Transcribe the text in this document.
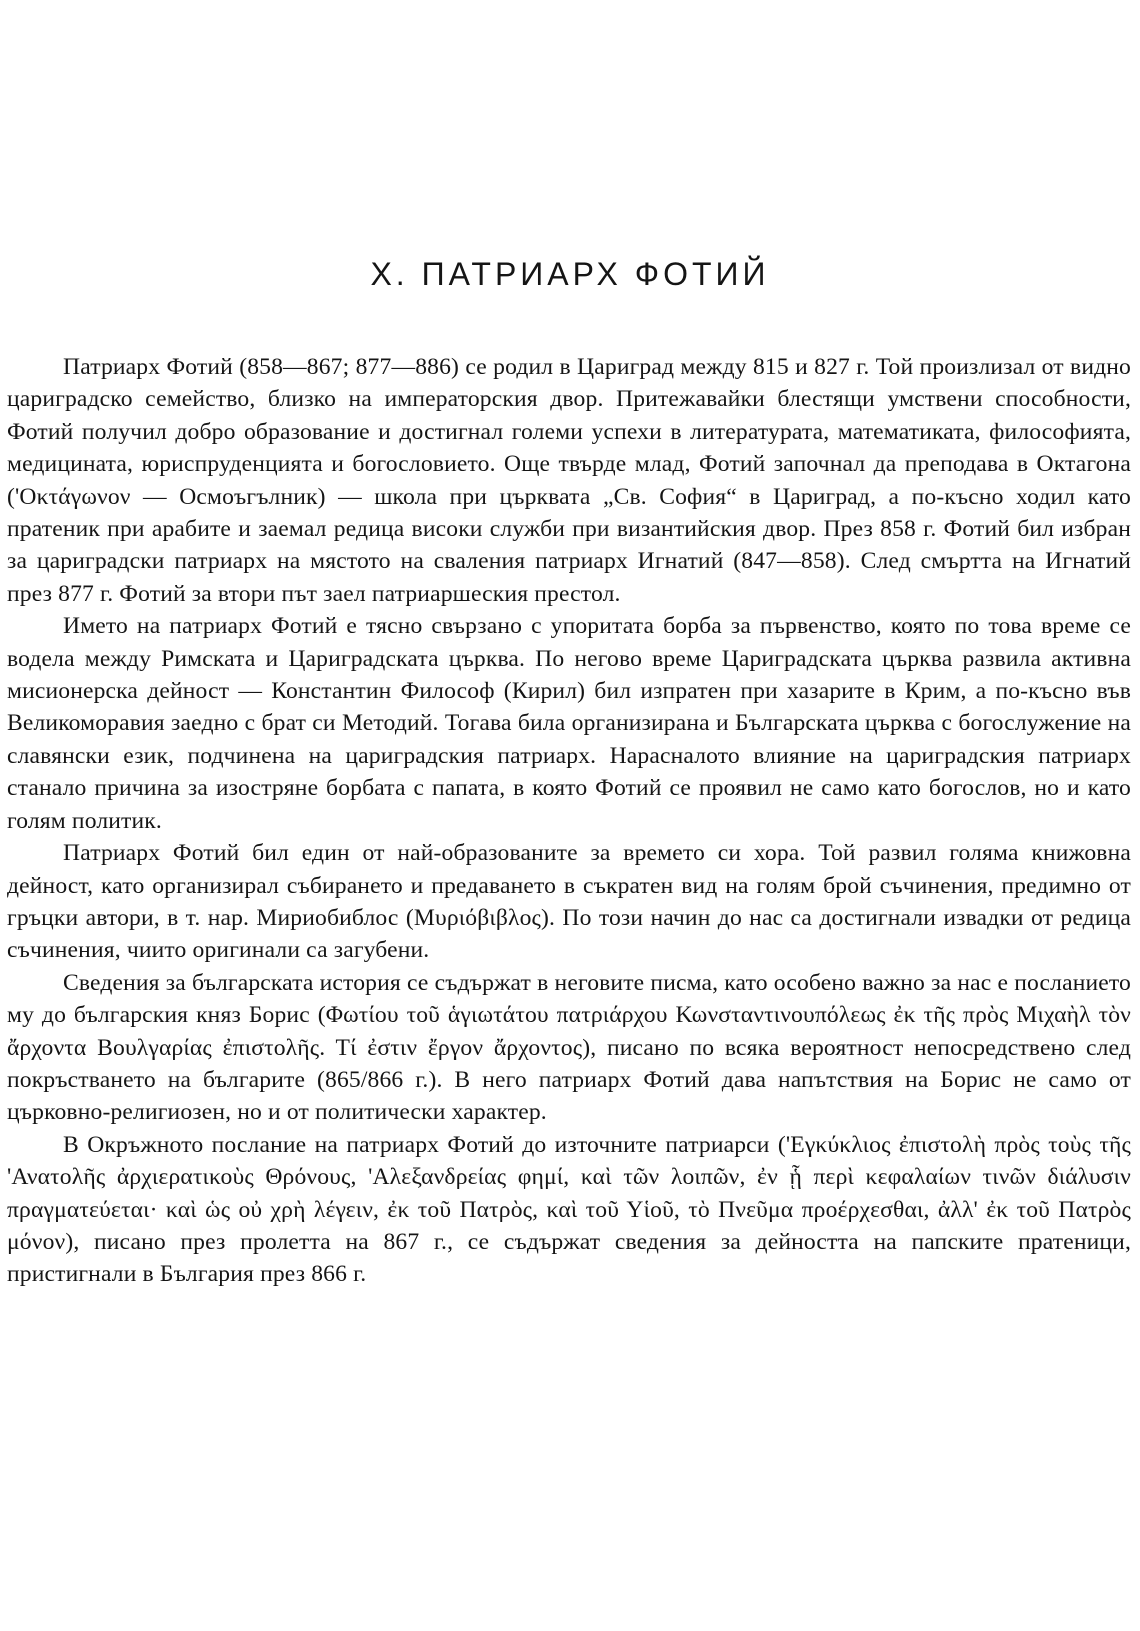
X. ПАТРИАРХ ФОТИЙ

Патриарх Фотий (858—867; 877—886) се родил в Цариград между 815 и 827 г. Той произлизал от видно цариградско семейство, близко на императорския двор. Притежавайки блестящи умствени способности, Фотий получил добро образование и достигнал големи успехи в литературата, математиката, философията, медицината, юриспруденцията и богословието. Още твърде млад, Фотий започнал да преподава в Октагона ('Οκτάγωνον — Осмоъгълник) — школа при църквата „Св. София“ в Цариград, а по-късно ходил като пратеник при арабите и заемал редица високи служби при византийския двор. През 858 г. Фотий бил избран за цариградски патриарх на мястото на сваления патриарх Игнатий (847—858). След смъртта на Игнатий през 877 г. Фотий за втори път заел патриаршеския престол.

Името на патриарх Фотий е тясно свързано с упоритата борба за първенство, която по това време се водела между Римската и Цариградската църква. По негово време Цариградската църква развила активна мисионерска дейност — Константин Философ (Кирил) бил изпратен при хазарите в Крим, а по-късно във Великоморавия заедно с брат си Методий. Тогава била организирана и Българската църква с богослужение на славянски език, подчинена на цариградския патриарх. Нарасналото влияние на цариградския патриарх станало причина за изостряне борбата с папата, в която Фотий се проявил не само като богослов, но и като голям политик.

Патриарх Фотий бил един от най-образованите за времето си хора. Той развил голяма книжовна дейност, като организирал събирането и предаването в съкратен вид на голям брой съчинения, предимно от гръцки автори, в т. нар. Мириобиблос (Μυριόβιβλος). По този начин до нас са достигнали извадки от редица съчинения, чиито оригинали са загубени.

Сведения за българската история се съдържат в неговите писма, като особено важно за нас е посланието му до българския княз Борис (Φωτίου τοῦ ἁγιωτάτου πατριάρχου Κωνσταντινουπόλεως ἐκ τῆς πρὸς Μιχαὴλ τὸν ἄρχοντα Βουλγαρίας ἐπιστολῆς. Τί ἐστιν ἔργον ἄρχοντος), писано по всяка вероятност непосредствено след покръстването на българите (865/866 г.). В него патриарх Фотий дава напътствия на Борис не само от църковно-религиозен, но и от политически характер.

В Окръжното послание на патриарх Фотий до източните патриарси ('Εγκύκλιος ἐπιστολὴ πρὸς τοὺς τῆς 'Ανατολῆς ἀρχιερατικοὺς Θρόνους, 'Αλεξανδρείας φημί, καὶ τῶν λοιπῶν, ἐν ᾗ περὶ κεφαλαίων τινῶν διάλυσιν πραγματεύεται· καὶ ὡς οὐ χρὴ λέγειν, ἐκ τοῦ Πατρὸς, καὶ τοῦ Υἱοῦ, τὸ Πνεῦμα προέρχεσθαι, ἀλλ' ἐκ τοῦ Πατρὸς μόνον), писано през пролетта на 867 г., се съдържат сведения за дейността на папските пратеници, пристигнали в България през 866 г.
